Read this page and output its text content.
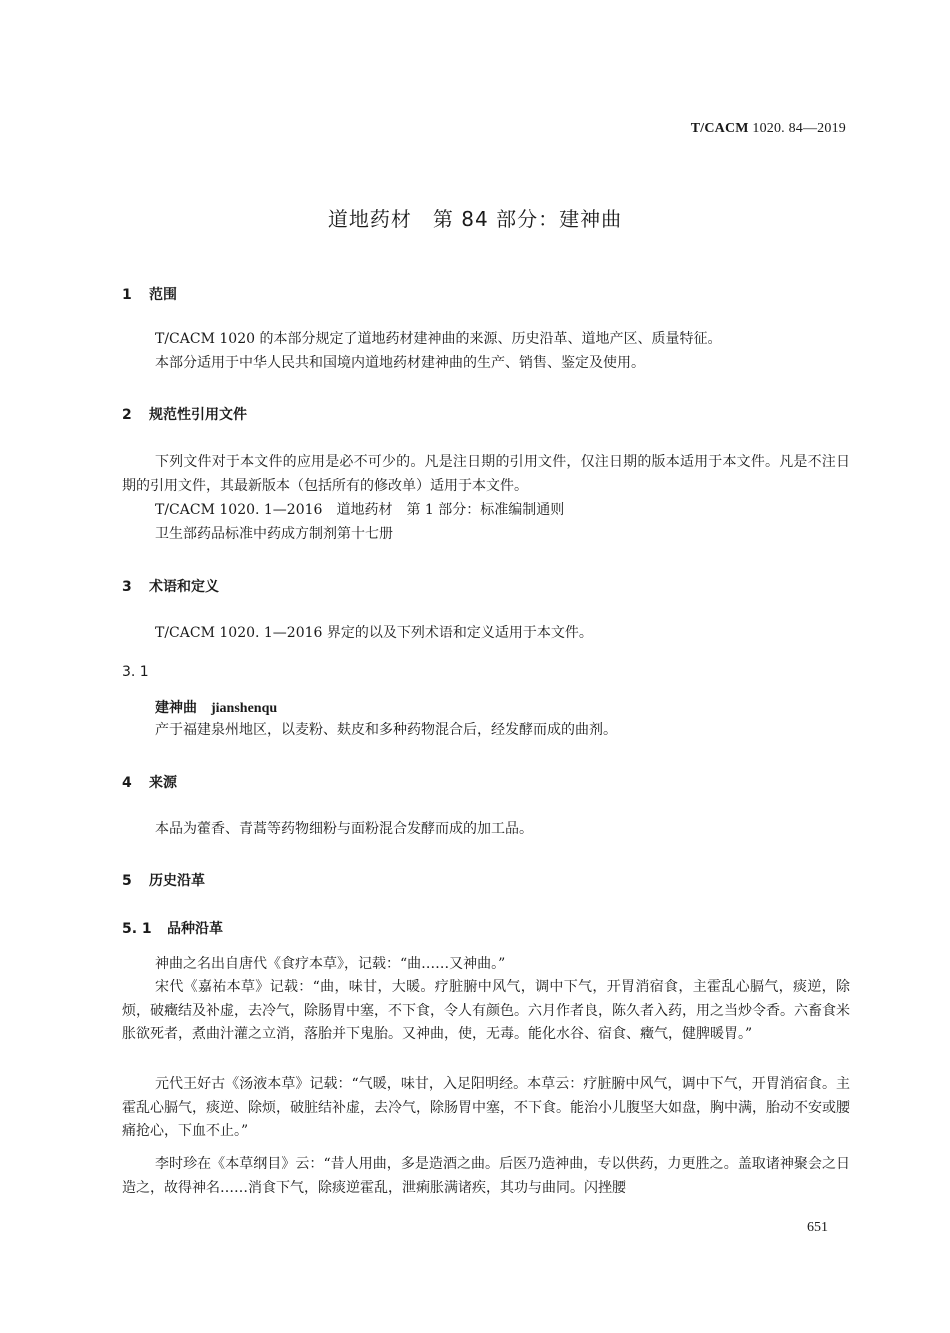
T/CACM 1020. 84—2019
道地药材　第 84 部分：建神曲
1 范围

T/CACM 1020 的本部分规定了道地药材建神曲的来源、历史沿革、道地产区、质量特征。

本部分适用于中华人民共和国境内道地药材建神曲的生产、销售、鉴定及使用。

2 规范性引用文件

下列文件对于本文件的应用是必不可少的。凡是注日期的引用文件，仅注日期的版本适用于本文件。凡是不注日期的引用文件，其最新版本（包括所有的修改单）适用于本文件。

T/CACM 1020. 1—2016　道地药材　第 1 部分：标准编制通则

卫生部药品标准中药成方制剂第十七册

3 术语和定义

T/CACM 1020. 1—2016 界定的以及下列术语和定义适用于本文件。

3. 1
建神曲 jianshenqu

产于福建泉州地区，以麦粉、麸皮和多种药物混合后，经发酵而成的曲剂。

4 来源

本品为藿香、青蒿等药物细粉与面粉混合发酵而成的加工品。

5 历史沿革
5. 1 品种沿革

神曲之名出自唐代《食疗本草》，记载：“曲……又神曲。”

宋代《嘉祐本草》记载：“曲，味甘，大暖。疗脏腑中风气，调中下气，开胃消宿食，主霍乱心膈气，痰逆，除烦，破癥结及补虚，去冷气，除肠胃中塞，不下食，令人有颜色。六月作者良，陈久者入药，用之当炒令香。六畜食米胀欲死者，煮曲汁灌之立消，落胎并下鬼胎。又神曲，使，无毒。能化水谷、宿食、癥气，健脾暖胃。”

元代王好古《汤液本草》记载：“气暖，味甘，入足阳明经。本草云：疗脏腑中风气，调中下气，开胃消宿食。主霍乱心膈气，痰逆、除烦，破脏结补虚，去冷气，除肠胃中塞，不下食。能治小儿腹坚大如盘，胸中满，胎动不安或腰痛抢心，下血不止。”

李时珍在《本草纲目》云：“昔人用曲，多是造酒之曲。后医乃造神曲，专以供药，力更胜之。盖取诸神聚会之日造之，故得神名……消食下气，除痰逆霍乱，泄痢胀满诸疾，其功与曲同。闪挫腰

651
